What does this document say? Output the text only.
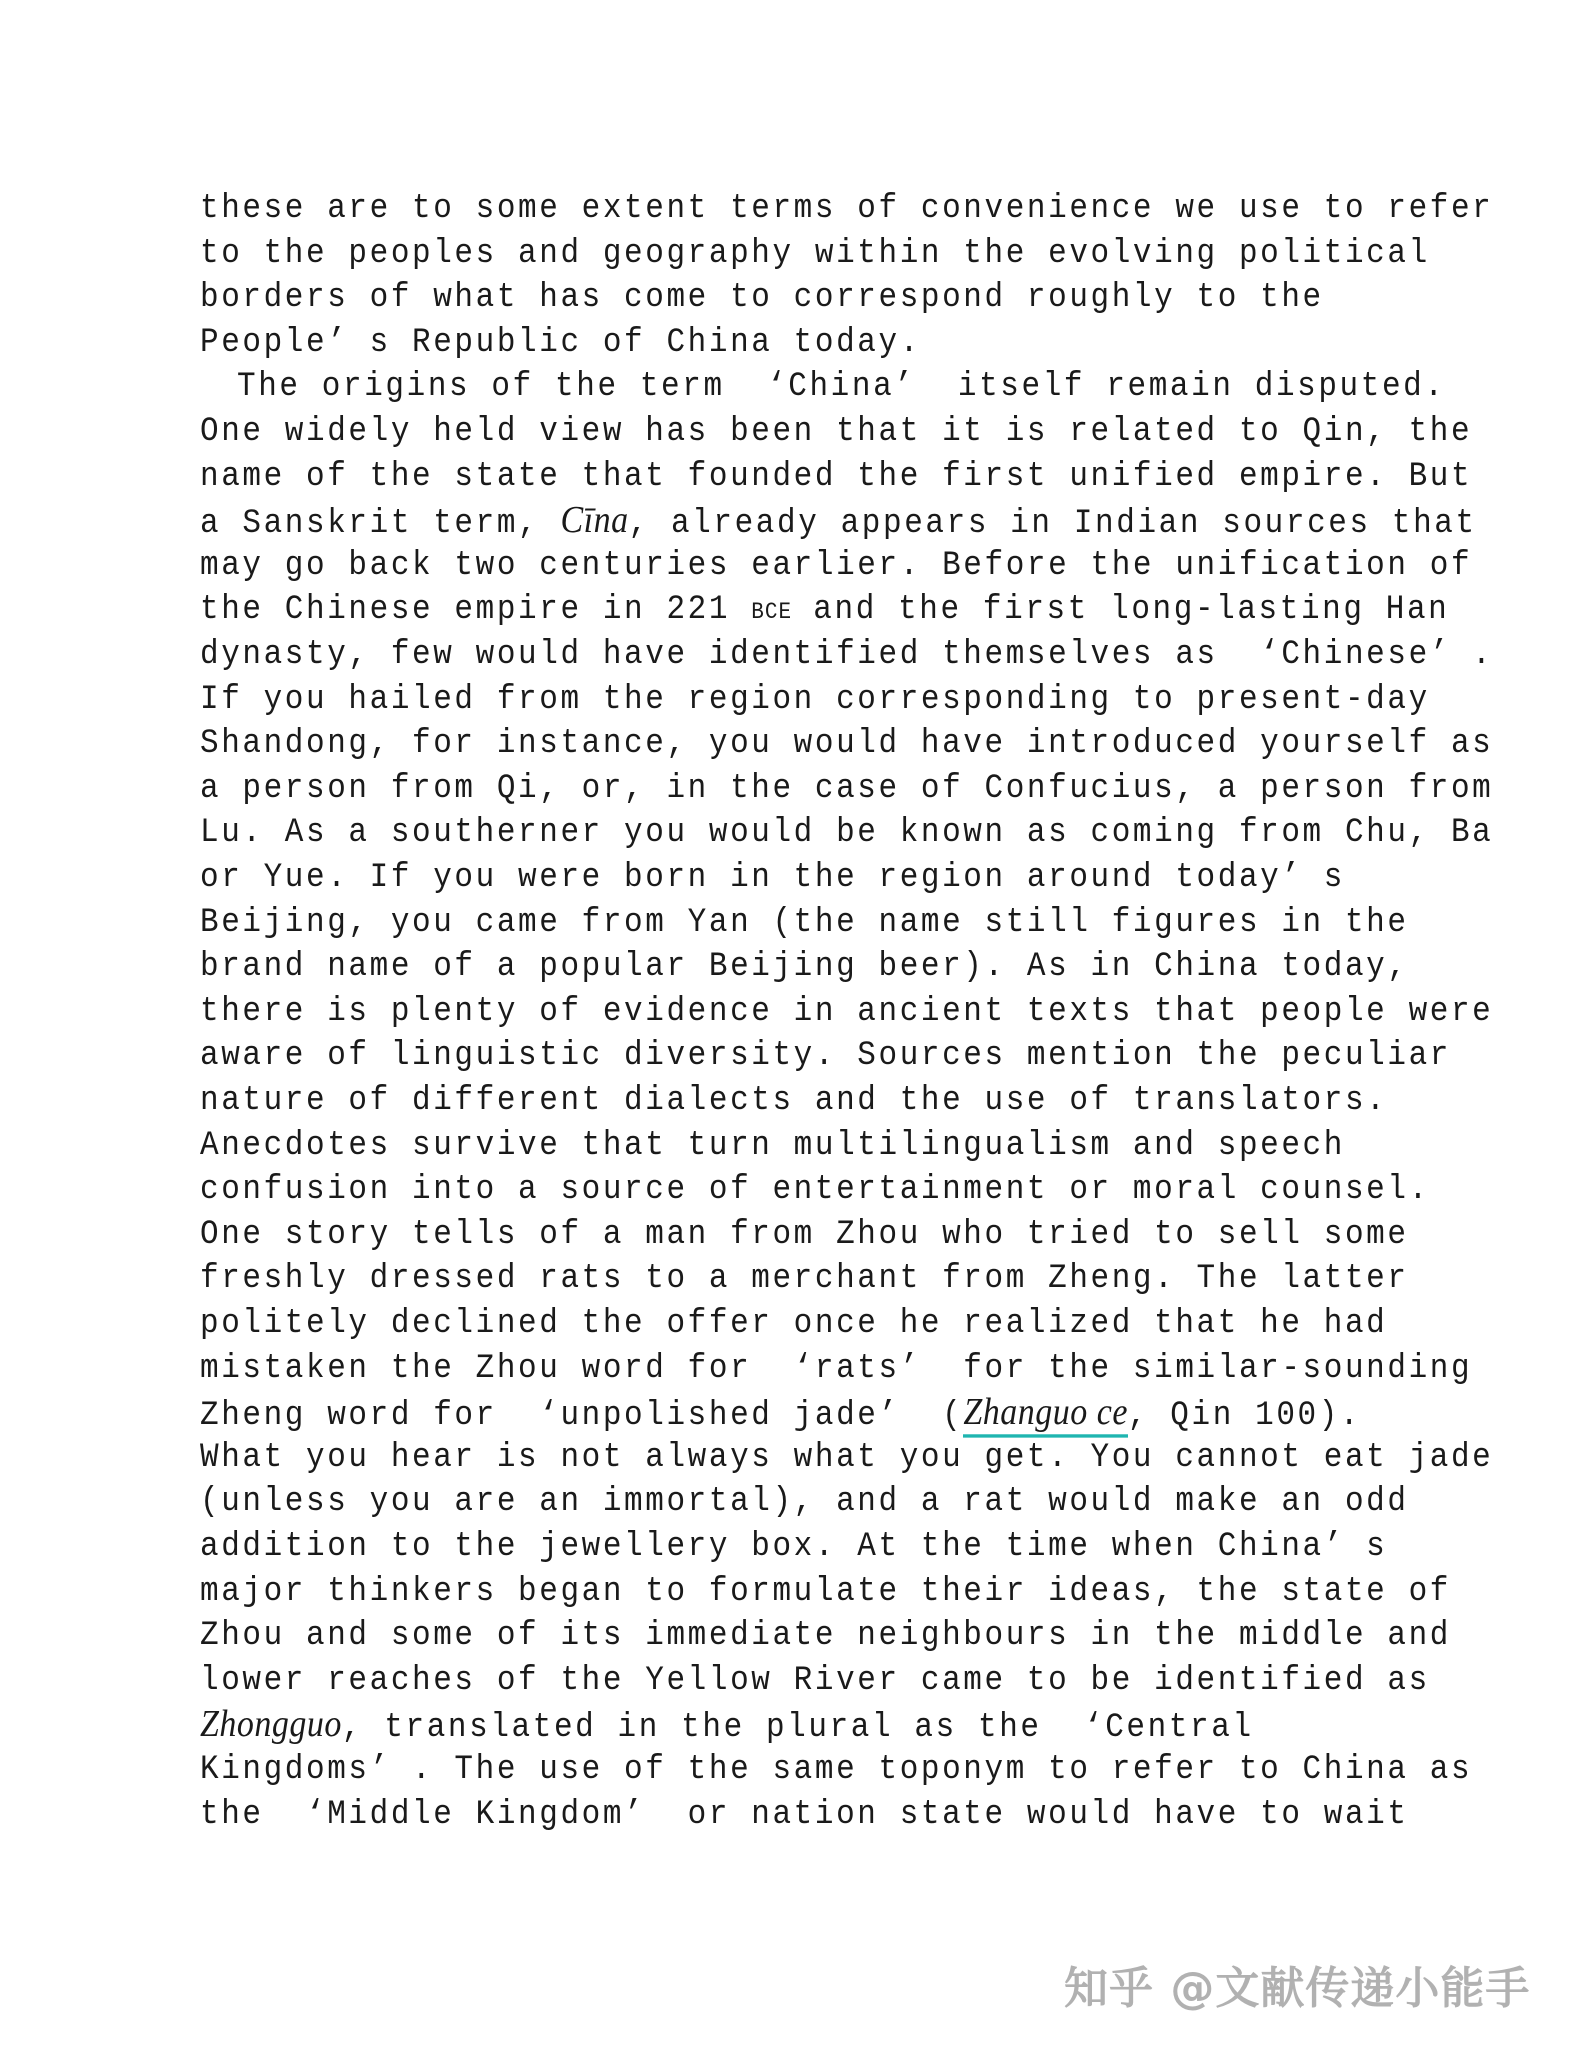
these are to some extent terms of convenience we use to refer
to the peoples and geography within the evolving political
borders of what has come to correspond roughly to the
People’ s Republic of China today.
The origins of the term  ‘China’  itself remain disputed.
One widely held view has been that it is related to Qin, the
name of the state that founded the first unified empire. But
a Sanskrit term, Cīna, already appears in Indian sources that
may go back two centuries earlier. Before the unification of
the Chinese empire in 221 BCE and the first long-lasting Han
dynasty, few would have identified themselves as  ‘Chinese’ .
If you hailed from the region corresponding to present-day
Shandong, for instance, you would have introduced yourself as
a person from Qi, or, in the case of Confucius, a person from
Lu. As a southerner you would be known as coming from Chu, Ba
or Yue. If you were born in the region around today’ s
Beijing, you came from Yan (the name still figures in the
brand name of a popular Beijing beer). As in China today,
there is plenty of evidence in ancient texts that people were
aware of linguistic diversity. Sources mention the peculiar
nature of different dialects and the use of translators.
Anecdotes survive that turn multilingualism and speech
confusion into a source of entertainment or moral counsel.
One story tells of a man from Zhou who tried to sell some
freshly dressed rats to a merchant from Zheng. The latter
politely declined the offer once he realized that he had
mistaken the Zhou word for  ‘rats’  for the similar-sounding
Zheng word for  ‘unpolished jade’  (Zhanguo ce, Qin 100).
What you hear is not always what you get. You cannot eat jade
(unless you are an immortal), and a rat would make an odd
addition to the jewellery box. At the time when China’ s
major thinkers began to formulate their ideas, the state of
Zhou and some of its immediate neighbours in the middle and
lower reaches of the Yellow River came to be identified as
Zhongguo, translated in the plural as the  ‘Central
Kingdoms’ . The use of the same toponym to refer to China as
the  ‘Middle Kingdom’  or nation state would have to wait
知乎 @文献传递小能手
